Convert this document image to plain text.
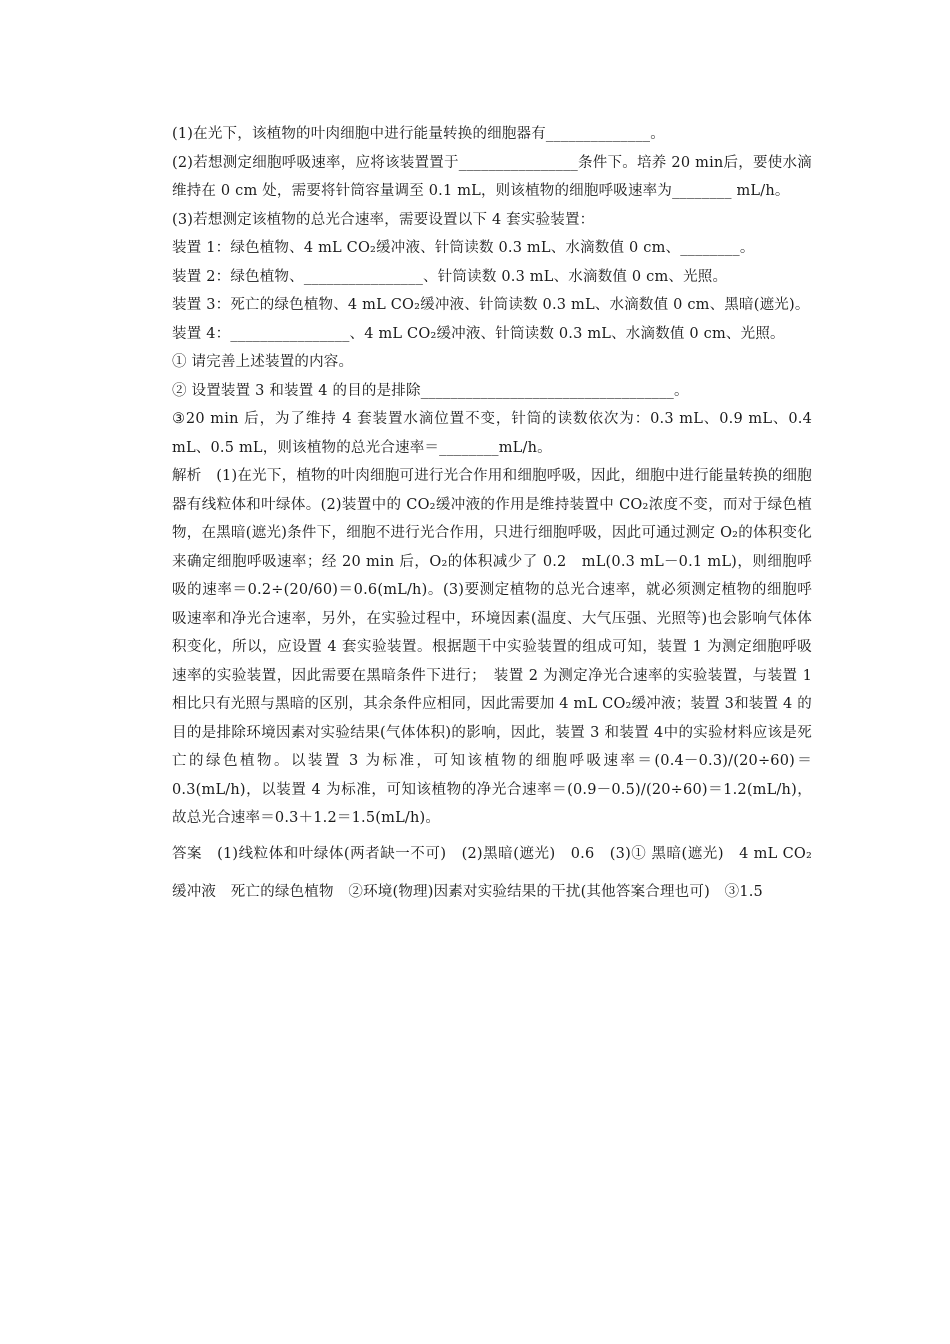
(1)在光下，该植物的叶肉细胞中进行能量转换的细胞器有______________。

(2)若想测定细胞呼吸速率，应将该装置置于________________条件下。培养 20 min后，要使水滴维持在 0 cm 处，需要将针筒容量调至 0.1 mL，则该植物的细胞呼吸速率为________ mL/h。

(3)若想测定该植物的总光合速率，需要设置以下 4 套实验装置：

装置 1：绿色植物、4 mL CO₂缓冲液、针筒读数 0.3 mL、水滴数值 0 cm、________。

装置 2：绿色植物、________________、针筒读数 0.3 mL、水滴数值 0 cm、光照。

装置 3：死亡的绿色植物、4 mL CO₂缓冲液、针筒读数 0.3 mL、水滴数值 0 cm、黑暗(遮光)。

装置 4：________________、4 mL CO₂缓冲液、针筒读数 0.3 mL、水滴数值 0 cm、光照。

① 请完善上述装置的内容。

② 设置装置 3 和装置 4 的目的是排除__________________________________。

③20 min 后，为了维持 4 套装置水滴位置不变，针筒的读数依次为：0.3 mL、0.9 mL、0.4 mL、0.5 mL，则该植物的总光合速率＝________mL/h。

解析　(1)在光下，植物的叶肉细胞可进行光合作用和细胞呼吸，因此，细胞中进行能量转换的细胞器有线粒体和叶绿体。(2)装置中的 CO₂缓冲液的作用是维持装置中 CO₂浓度不变，而对于绿色植物，在黑暗(遮光)条件下，细胞不进行光合作用，只进行细胞呼吸，因此可通过测定 O₂的体积变化来确定细胞呼吸速率；经 20 min 后，O₂的体积减少了 0.2　mL(0.3 mL－0.1 mL)，则细胞呼吸的速率＝0.2÷(20/60)＝0.6(mL/h)。(3)要测定植物的总光合速率，就必须测定植物的细胞呼吸速率和净光合速率，另外，在实验过程中，环境因素(温度、大气压强、光照等)也会影响气体体积变化，所以，应设置 4 套实验装置。根据题干中实验装置的组成可知，装置 1 为测定细胞呼吸速率的实验装置，因此需要在黑暗条件下进行；　装置 2 为测定净光合速率的实验装置，与装置 1 相比只有光照与黑暗的区别，其余条件应相同，因此需要加 4 mL CO₂缓冲液；装置 3和装置 4 的目的是排除环境因素对实验结果(气体体积)的影响，因此，装置 3 和装置 4中的实验材料应该是死亡的绿色植物。以装置 3 为标准，可知该植物的细胞呼吸速率＝(0.4－0.3)/(20÷60)＝0.3(mL/h)，以装置 4 为标准，可知该植物的净光合速率＝(0.9－0.5)/(20÷60)＝1.2(mL/h)，故总光合速率＝0.3＋1.2＝1.5(mL/h)。

答案　(1)线粒体和叶绿体(两者缺一不可)　(2)黑暗(遮光)　0.6　(3)① 黑暗(遮光)　4 mL CO₂缓冲液　死亡的绿色植物　②环境(物理)因素对实验结果的干扰(其他答案合理也可)　③1.5
